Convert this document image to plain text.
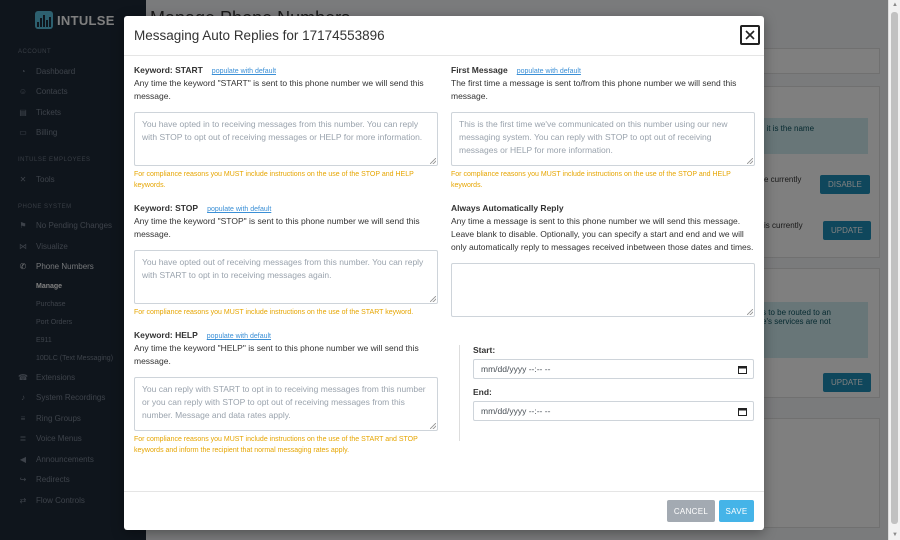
▲
▼
Messaging Auto Replies for 17174553896
Keyword: START populate with default
Any time the keyword "START" is sent to this phone number we will send this message.
You have opted in to receiving messages from this number. You can reply with STOP to opt out of receiving messages or HELP for more information.
For compliance reasons you MUST include instructions on the use of the STOP and HELP keywords.
Keyword: STOP populate with default
Any time the keyword "STOP" is sent to this phone number we will send this message.
You have opted out of receiving messages from this number. You can reply with START to opt in to receiving messages again.
For compliance reasons you MUST include instructions on the use of the START keyword.
Keyword: HELP populate with default
Any time the keyword "HELP" is sent to this phone number we will send this message.
You can reply with START to opt in to receiving messages from this number or you can reply with STOP to opt out of receiving messages from this number. Message and data rates apply.
For compliance reasons you MUST include instructions on the use of the START and STOP keywords and inform the recipient that normal messaging rates apply.
First Message populate with default
The first time a message is sent to/from this phone number we will send this message.
This is the first time we've communicated on this number using our new messaging system. You can reply with STOP to opt out of receiving messages or HELP for more information.
For compliance reasons you MUST include instructions on the use of the STOP and HELP keywords.
Always Automatically Reply
Any time a message is sent to this phone number we will send this message. Leave blank to disable. Optionally, you can specify a start and end and we will only automatically reply to messages received inbetween those dates and times.
Start:
mm/dd/yyyy --:-- --
End:
mm/dd/yyyy --:-- --
CANCEL	SAVE
